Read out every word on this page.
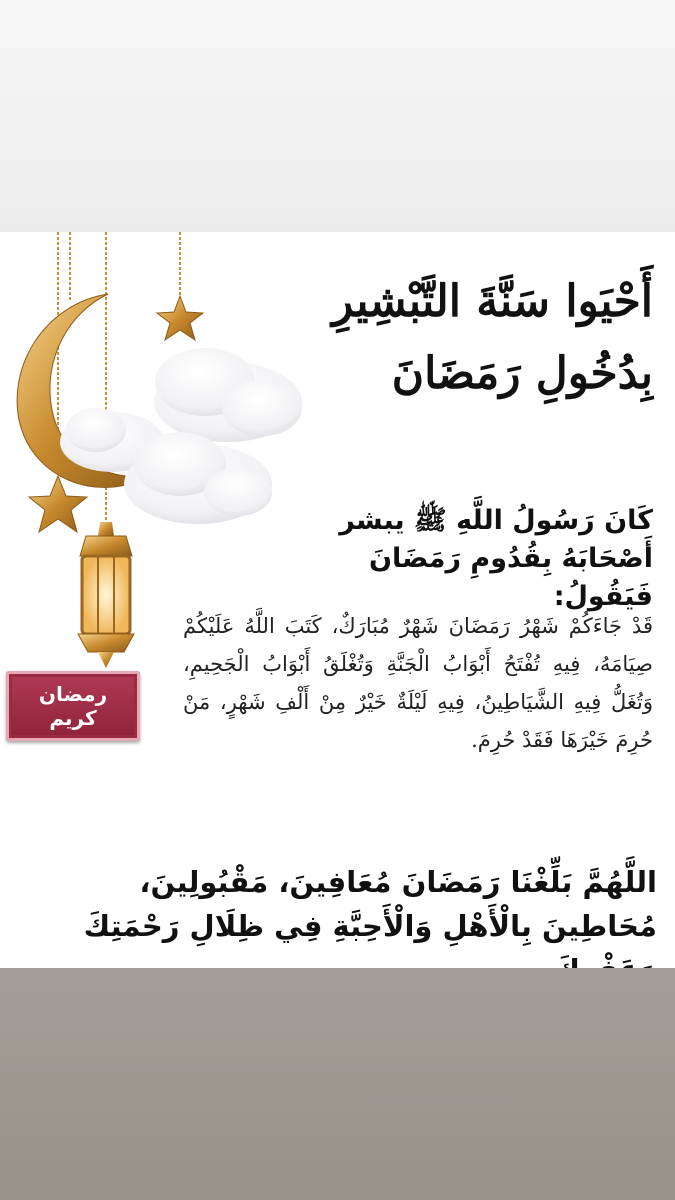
أَحْيَوا سَنَّةَ التَّبْشِيرِ
بِدُخُولِ رَمَضَانَ
كَانَ رَسُولُ اللَّهِ ﷺ يبشر
أَصْحَابَهُ بِقُدُومِ رَمَضَانَ فَيَقُولُ:
قَدْ جَاءَكُمْ شَهْرُ رَمَضَانَ شَهْرٌ مُبَارَكٌ، كَتَبَ اللَّهُ عَلَيْكُمْ صِيَامَهُ، فِيهِ تُفْتَحُ أَبْوَابُ الْجَنَّةِ وَتُغْلَقُ أَبْوَابُ الْجَحِيمِ، وَتُغَلُّ فِيهِ الشَّيَاطِينُ، فِيهِ لَيْلَةٌ خَيْرٌ مِنْ أَلْفِ شَهْرٍ، مَنْ حُرِمَ خَيْرَهَا فَقَدْ حُرِمَ.
رمضان
كريم
اللَّهُمَّ بَلِّغْنَا رَمَضَانَ مُعَافِينَ، مَقْبُولِينَ، مُحَاطِينَ بِالْأَهْلِ وَالْأَحِبَّةِ فِي ظِلَالِ رَحْمَتِكَ
